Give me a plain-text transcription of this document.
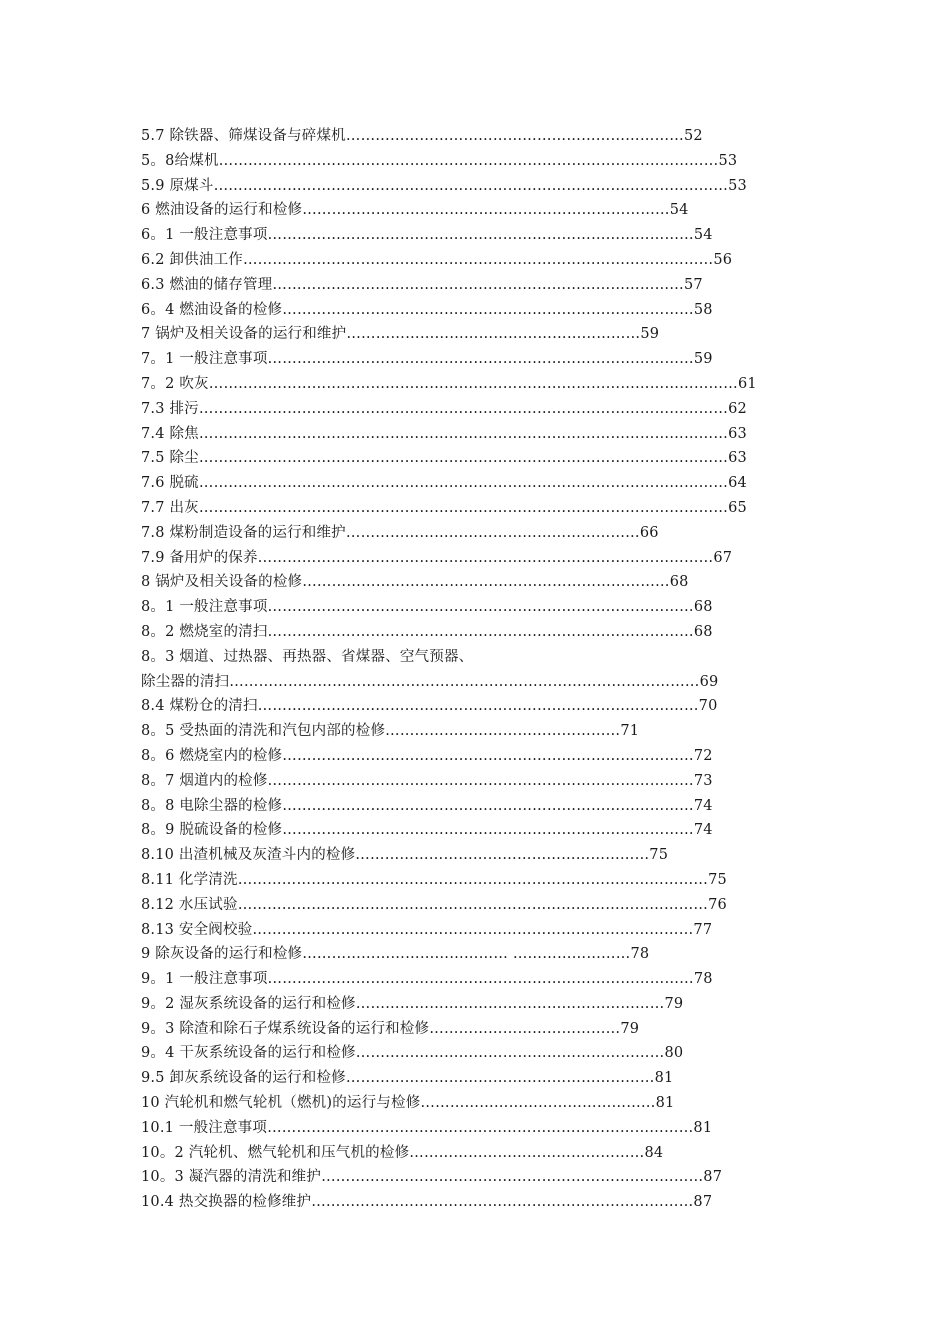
5.7 除铁器、筛煤设备与碎煤机……………………………………………………………52
5。8给煤机…………………………………………………………………………………………53
5.9 原煤斗……………………………………………………………………………………………53
6 燃油设备的运行和检修…………………………………………………………………54
6。1 一般注意事项……………………………………………………………………………54
6.2 卸供油工作……………………………………………………………………………………56
6.3 燃油的储存管理…………………………………………………………………………57
6。4 燃油设备的检修…………………………………………………………………………58
7 锅炉及相关设备的运行和维护……………………………………………………59
7。1 一般注意事项……………………………………………………………………………59
7。2 吹灰………………………………………………………………………………………………61
7.3 排污………………………………………………………………………………………………62
7.4 除焦………………………………………………………………………………………………63
7.5 除尘………………………………………………………………………………………………63
7.6 脱硫………………………………………………………………………………………………64
7.7 出灰………………………………………………………………………………………………65
7.8 煤粉制造设备的运行和维护……………………………………………………66
7.9 备用炉的保养…………………………………………………………………………………67
8 锅炉及相关设备的检修…………………………………………………………………68
8。1 一般注意事项……………………………………………………………………………68
8。2 燃烧室的清扫……………………………………………………………………………68
8。3 烟道、过热器、再热器、省煤器、空气预器、
除尘器的清扫……………………………………………………………………………………69
8.4 煤粉仓的清扫………………………………………………………………………………70
8。5 受热面的清洗和汽包内部的检修…………………………………………71
8。6 燃烧室内的检修…………………………………………………………………………72
8。7 烟道内的检修……………………………………………………………………………73
8。8 电除尘器的检修…………………………………………………………………………74
8。9 脱硫设备的检修…………………………………………………………………………74
8.10 出渣机械及灰渣斗内的检修……………………………………………………75
8.11 化学清洗……………………………………………………………………………………75
8.12 水压试验……………………………………………………………………………………76
8.13 安全阀校验………………………………………………………………………………77
9 除灰设备的运行和检修…………………………………… ……………………78
9。1 一般注意事项……………………………………………………………………………78
9。2 湿灰系统设备的运行和检修………………………………………………………79
9。3 除渣和除石子煤系统设备的运行和检修…………………………………79
9。4 干灰系统设备的运行和检修………………………………………………………80
9.5 卸灰系统设备的运行和检修………………………………………………………81
10 汽轮机和燃气轮机（燃机)的运行与检修…………………………………………81
10.1 一般注意事项……………………………………………………………………………81
10。2 汽轮机、燃气轮机和压气机的检修…………………………………………84
10。3 凝汽器的清洗和维护……………………………………………………………………87
10.4 热交换器的检修维护……………………………………………………………………87
